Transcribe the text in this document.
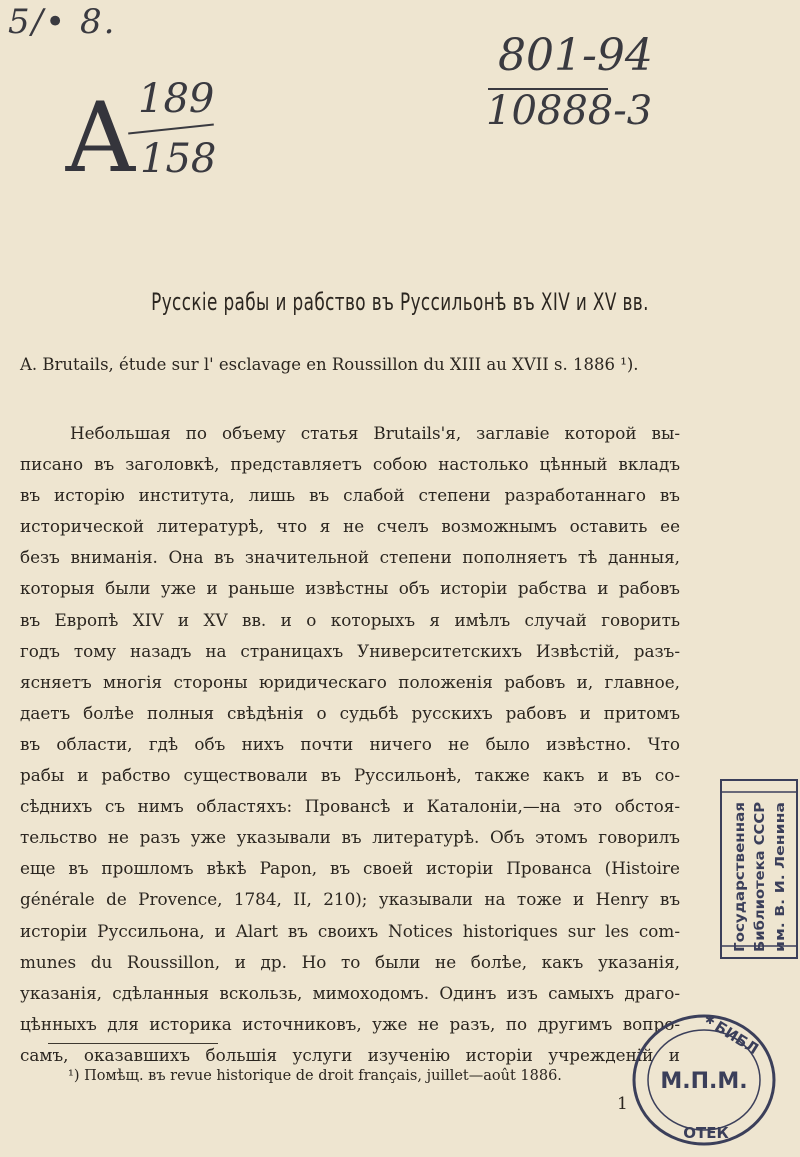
5/• 8.
А 189
158
801-94
10888-3
Русскіе рабы и рабство въ Руссильонѣ въ XIV и XV вв.
A. Brutails, étude sur l' esclavage en Roussillon du XIII au XVII s. 1886 ¹).
Небольшая по объему статья Brutails'я, заглавіе которой вы-
писано въ заголовкѣ, представляетъ собою настолько цѣнный вкладъ
въ исторію института, лишь въ слабой степени разработаннаго въ
исторической литературѣ, что я не счелъ возможнымъ оставить ее
безъ вниманія. Она въ значительной степени пополняетъ тѣ данныя,
которыя были уже и раньше извѣстны объ исторіи рабства и рабовъ
въ Европѣ XIV и XV вв. и о которыхъ я имѣлъ случай говорить
годъ тому назадъ на страницахъ Университетскихъ Извѣстій, разъ-
ясняетъ многія стороны юридическаго положенія рабовъ и, главное,
даетъ болѣе полныя свѣдѣнія о судьбѣ русскихъ рабовъ и притомъ
въ области, гдѣ объ нихъ почти ничего не было извѣстно. Что
рабы и рабство существовали въ Руссильонѣ, также какъ и въ со-
сѣднихъ съ нимъ областяхъ: Провансѣ и Каталоніи,—на это обстоя-
тельство не разъ уже указывали въ литературѣ. Объ этомъ говорилъ
еще въ прошломъ вѣкѣ Papon, въ своей исторіи Прованса (Histoire
générale de Provence, 1784, II, 210); указывали на тоже и Henry въ
исторіи Руссильона, и Alart въ своихъ Notices historiques sur les com-
munes du Roussillon, и др. Но то были не болѣе, какъ указанія,
указанія, сдѣланныя вскользь, мимоходомъ. Одинъ изъ самыхъ драго-
цѣнныхъ для историка источниковъ, уже не разъ, по другимъ вопро-
самъ, оказавшихъ большія услуги изученію исторіи учрежденій и
¹) Помѣщ. въ revue historique de droit français, juillet—août 1886.
1
Государственная Библиотека СССР им. В. И. Ленина
М.П.М.
БИБЛ
ОТЕК
✱
